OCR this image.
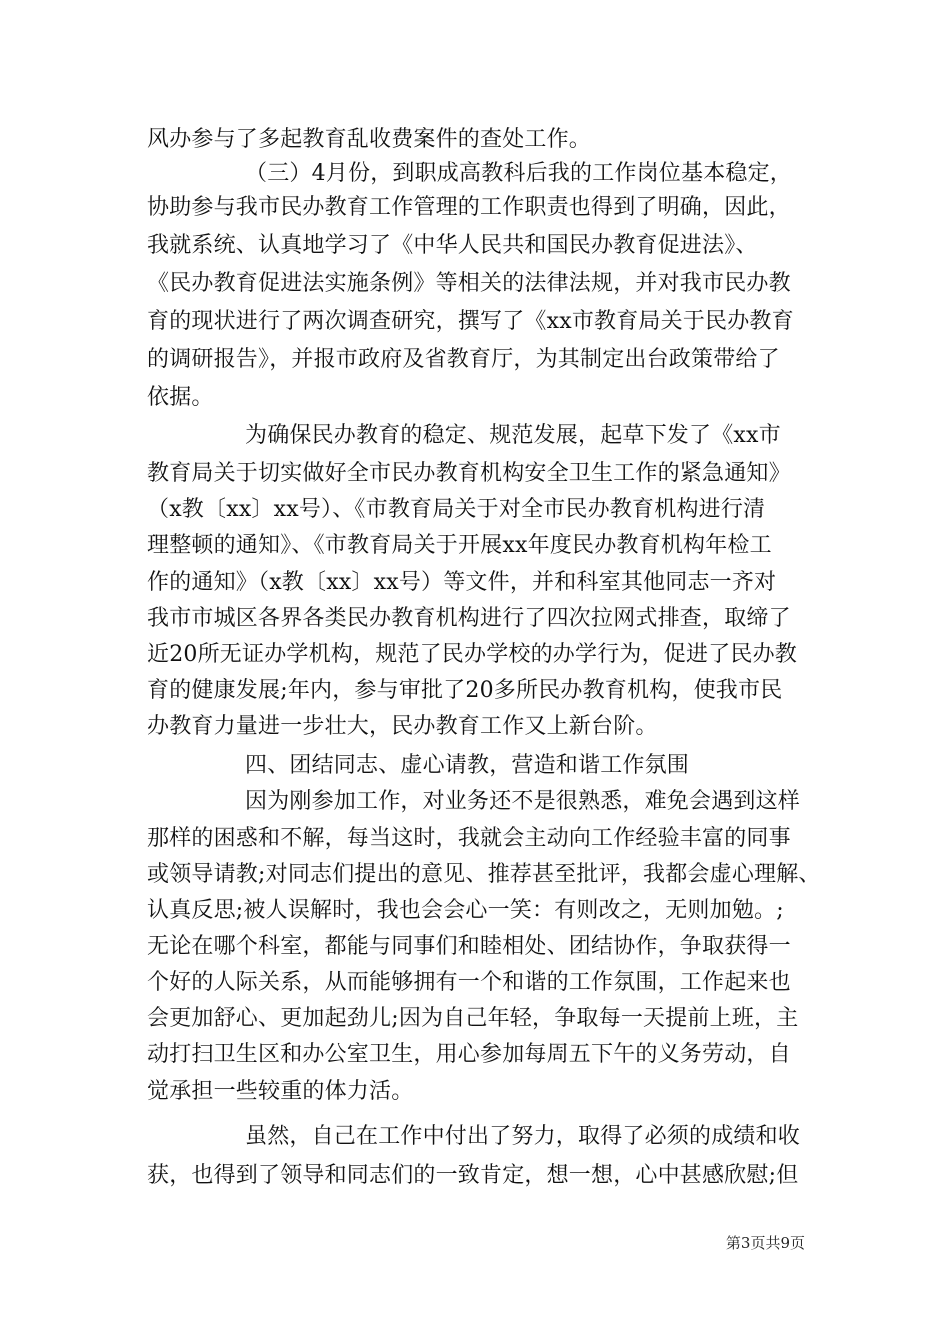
风办参与了多起教育乱收费案件的查处工作。
（三）4月份，到职成高教科后我的工作岗位基本稳定，
协助参与我市民办教育工作管理的工作职责也得到了明确，因此，
我就系统、认真地学习了《中华人民共和国民办教育促进法》、
《民办教育促进法实施条例》等相关的法律法规，并对我市民办教
育的现状进行了两次调查研究，撰写了《xx市教育局关于民办教育
的调研报告》，并报市政府及省教育厅，为其制定出台政策带给了
依据。
为确保民办教育的稳定、规范发展，起草下发了《xx市
教育局关于切实做好全市民办教育机构安全卫生工作的紧急通知》
（x教〔xx〕xx号）、《市教育局关于对全市民办教育机构进行清
理整顿的通知》、《市教育局关于开展xx年度民办教育机构年检工
作的通知》（x教〔xx〕xx号）等文件，并和科室其他同志一齐对
我市市城区各界各类民办教育机构进行了四次拉网式排查，取缔了
近20所无证办学机构，规范了民办学校的办学行为，促进了民办教
育的健康发展;年内，参与审批了20多所民办教育机构，使我市民
办教育力量进一步壮大，民办教育工作又上新台阶。
四、团结同志、虚心请教，营造和谐工作氛围
因为刚参加工作，对业务还不是很熟悉，难免会遇到这样
那样的困惑和不解，每当这时，我就会主动向工作经验丰富的同事
或领导请教;对同志们提出的意见、推荐甚至批评，我都会虚心理解、
认真反思;被人误解时，我也会会心一笑：有则改之，无则加勉。;
无论在哪个科室，都能与同事们和睦相处、团结协作，争取获得一
个好的人际关系，从而能够拥有一个和谐的工作氛围，工作起来也
会更加舒心、更加起劲儿;因为自己年轻，争取每一天提前上班，主
动打扫卫生区和办公室卫生，用心参加每周五下午的义务劳动，自
觉承担一些较重的体力活。
虽然，自己在工作中付出了努力，取得了必须的成绩和收
获，也得到了领导和同志们的一致肯定，想一想，心中甚感欣慰;但
第3页共9页
